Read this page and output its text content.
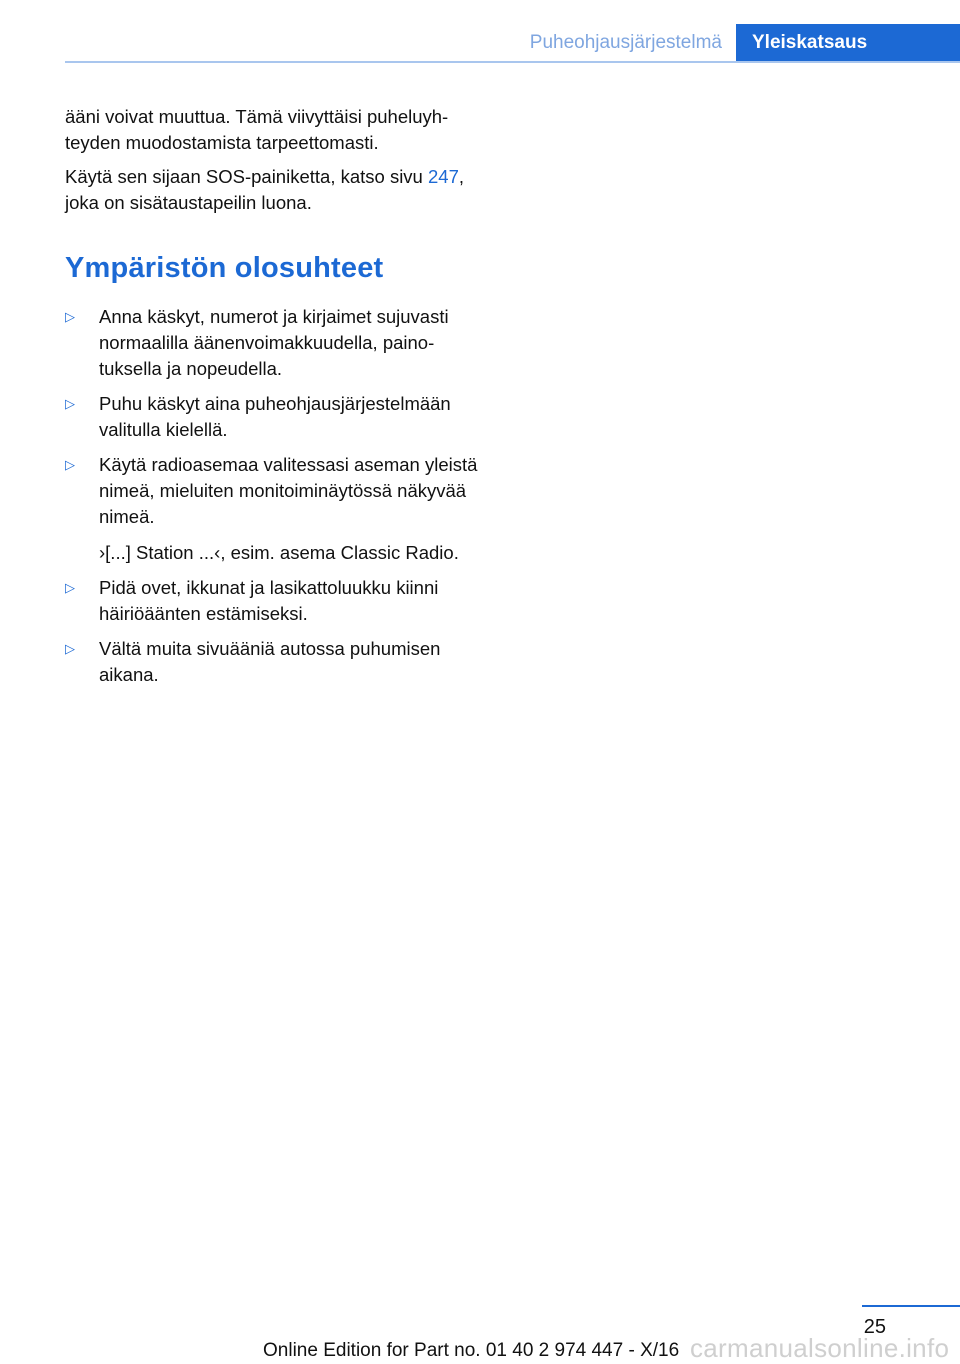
Puheohjausjärjestelmä	Yleiskatsaus

ääni voivat muuttua. Tämä viivyttäisi puheluyhteyden muodostamista tarpeettomasti.

Käytä sen sijaan SOS-painiketta, katso sivu 247, joka on sisätaustapeilin luona.

Ympäristön olosuhteet
▷ Anna käskyt, numerot ja kirjaimet sujuvasti normaalilla äänenvoimakkuudella, painotuksella ja nopeudella.
▷ Puhu käskyt aina puheohjausjärjestelmään valitulla kielellä.
▷ Käytä radioasemaa valitessasi aseman yleistä nimeä, mieluiten monitoiminäytössä näkyvää nimeä.
›[...] Station ...‹, esim. asema Classic Radio.
▷ Pidä ovet, ikkunat ja lasikattoluukku kiinni häiriöäänten estämiseksi.
▷ Vältä muita sivuääniä autossa puhumisen aikana.
25
Online Edition for Part no. 01 40 2 974 447 - X/16 carmanualsonline.info
